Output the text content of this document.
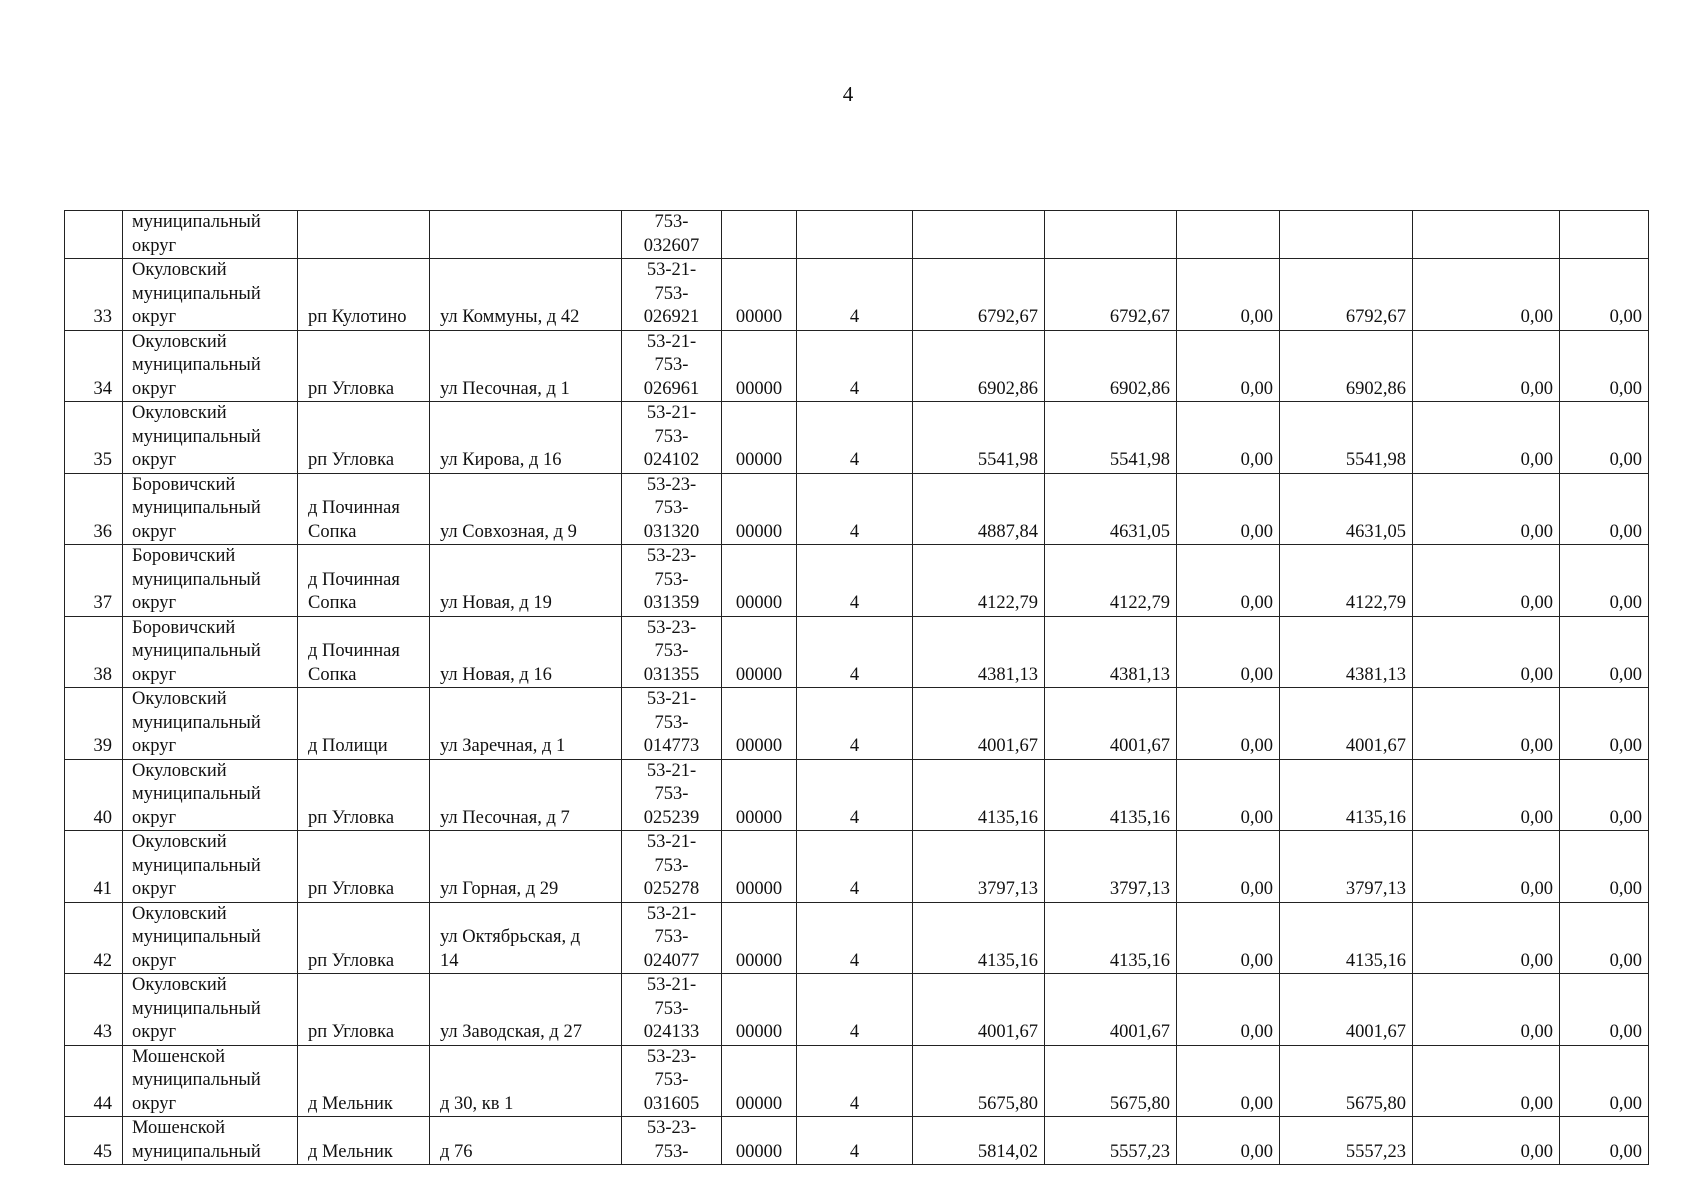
4
	муниципальный
округ			753-
032607								
33	Окуловский
муниципальный
округ	рп Кулотино	ул Коммуны, д 42	53-21-
753-
026921	00000	4	6792,67	6792,67	0,00	6792,67	0,00	0,00
34	Окуловский
муниципальный
округ	рп Угловка	ул Песочная, д 1	53-21-
753-
026961	00000	4	6902,86	6902,86	0,00	6902,86	0,00	0,00
35	Окуловский
муниципальный
округ	рп Угловка	ул Кирова, д 16	53-21-
753-
024102	00000	4	5541,98	5541,98	0,00	5541,98	0,00	0,00
36	Боровичский
муниципальный
округ	д Починная
Сопка	ул Совхозная, д 9	53-23-
753-
031320	00000	4	4887,84	4631,05	0,00	4631,05	0,00	0,00
37	Боровичский
муниципальный
округ	д Починная
Сопка	ул Новая, д 19	53-23-
753-
031359	00000	4	4122,79	4122,79	0,00	4122,79	0,00	0,00
38	Боровичский
муниципальный
округ	д Починная
Сопка	ул Новая, д 16	53-23-
753-
031355	00000	4	4381,13	4381,13	0,00	4381,13	0,00	0,00
39	Окуловский
муниципальный
округ	д Полищи	ул Заречная, д 1	53-21-
753-
014773	00000	4	4001,67	4001,67	0,00	4001,67	0,00	0,00
40	Окуловский
муниципальный
округ	рп Угловка	ул Песочная, д 7	53-21-
753-
025239	00000	4	4135,16	4135,16	0,00	4135,16	0,00	0,00
41	Окуловский
муниципальный
округ	рп Угловка	ул Горная, д 29	53-21-
753-
025278	00000	4	3797,13	3797,13	0,00	3797,13	0,00	0,00
42	Окуловский
муниципальный
округ	рп Угловка	ул Октябрьская, д
14	53-21-
753-
024077	00000	4	4135,16	4135,16	0,00	4135,16	0,00	0,00
43	Окуловский
муниципальный
округ	рп Угловка	ул Заводская, д 27	53-21-
753-
024133	00000	4	4001,67	4001,67	0,00	4001,67	0,00	0,00
44	Мошенской
муниципальный
округ	д Мельник	д 30, кв 1	53-23-
753-
031605	00000	4	5675,80	5675,80	0,00	5675,80	0,00	0,00
45	Мошенской
муниципальный	д Мельник	д 76	53-23-
753-	00000	4	5814,02	5557,23	0,00	5557,23	0,00	0,00
